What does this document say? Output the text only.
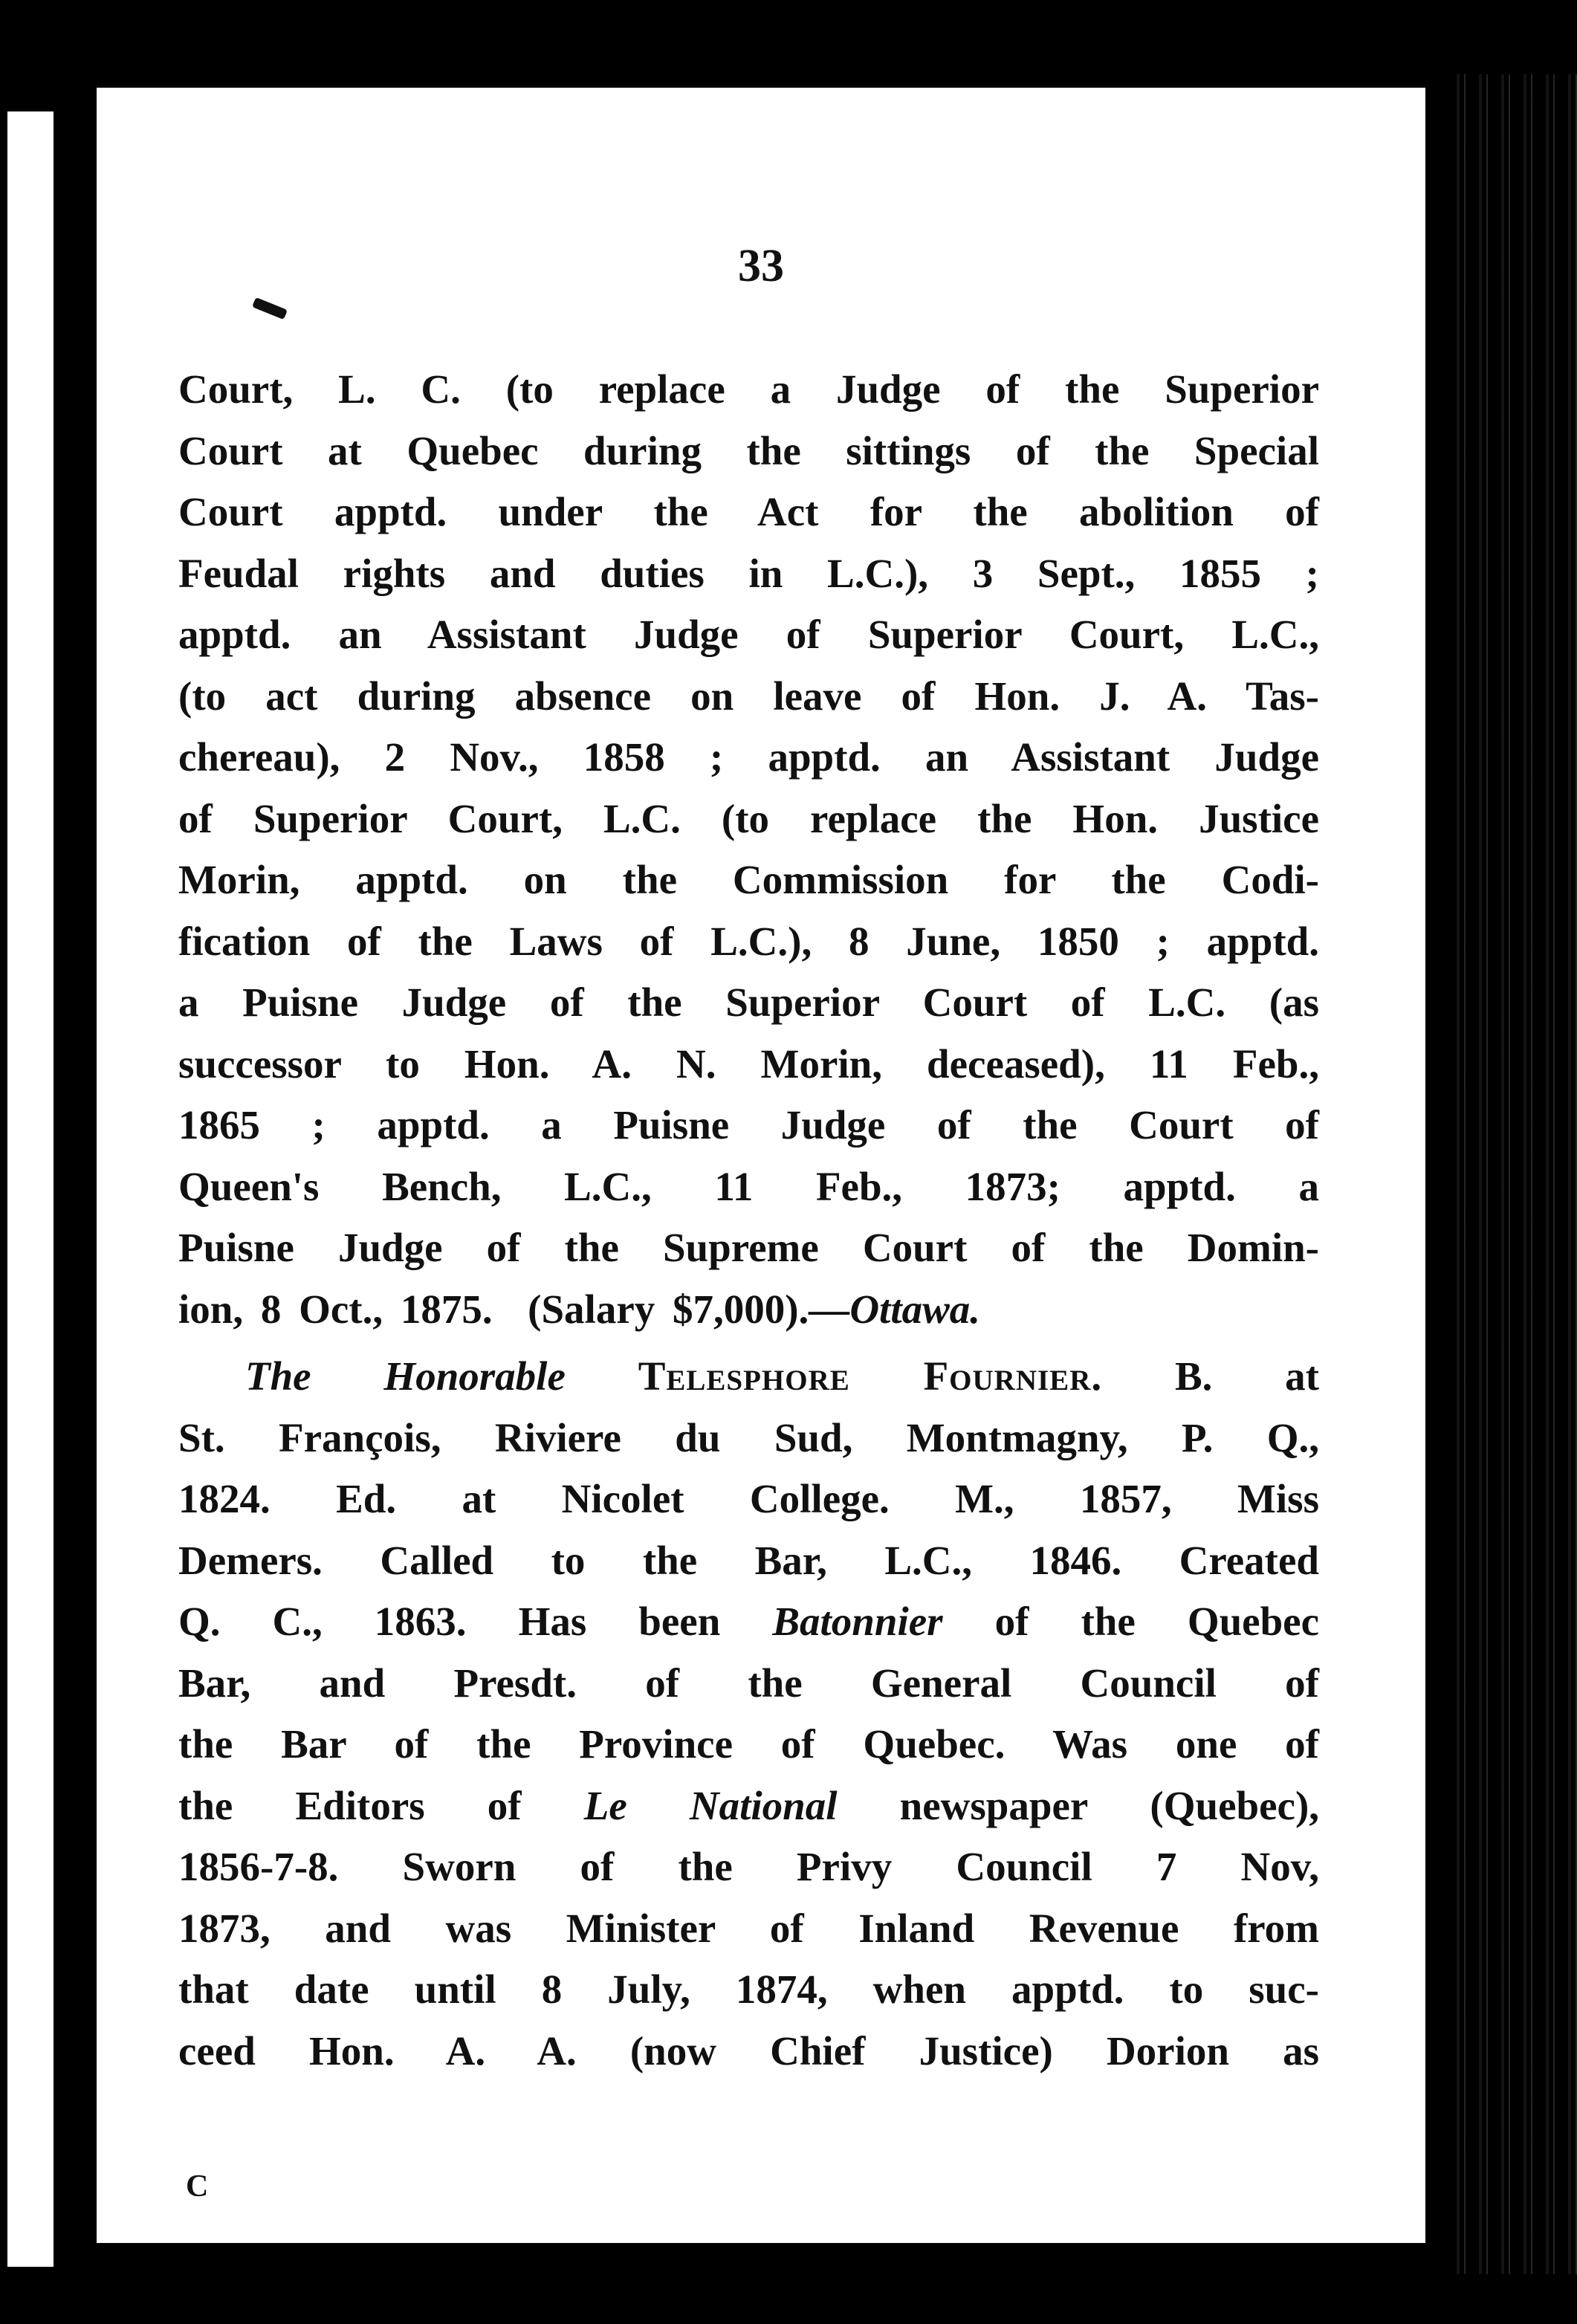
33
Court, L. C. (to replace a Judge of the Superior
Court at Quebec during the sittings of the Special
Court apptd. under the Act for the abolition of
Feudal rights and duties in L.C.), 3 Sept., 1855 ;
apptd. an Assistant Judge of Superior Court, L.C.,
(to act during absence on leave of Hon. J. A. Tas-
chereau), 2 Nov., 1858 ; apptd. an Assistant Judge
of Superior Court, L.C. (to replace the Hon. Justice
Morin, apptd. on the Commission for the Codi-
fication of the Laws of L.C.), 8 June, 1850 ; apptd.
a Puisne Judge of the Superior Court of L.C. (as
successor to Hon. A. N. Morin, deceased), 11 Feb.,
1865 ; apptd. a Puisne Judge of the Court of
Queen's Bench, L.C., 11 Feb., 1873; apptd. a
Puisne Judge of the Supreme Court of the Domin-
ion, 8 Oct., 1875. (Salary $7,000).—Ottawa.
The Honorable Telesphore Fournier. B. at
St. François, Riviere du Sud, Montmagny, P. Q.,
1824. Ed. at Nicolet College. M., 1857, Miss
Demers. Called to the Bar, L.C., 1846. Created
Q. C., 1863. Has been Batonnier of the Quebec
Bar, and Presdt. of the General Council of
the Bar of the Province of Quebec. Was one of
the Editors of Le National newspaper (Quebec),
1856-7-8. Sworn of the Privy Council 7 Nov,
1873, and was Minister of Inland Revenue from
that date until 8 July, 1874, when apptd. to suc-
ceed Hon. A. A. (now Chief Justice) Dorion as
C
